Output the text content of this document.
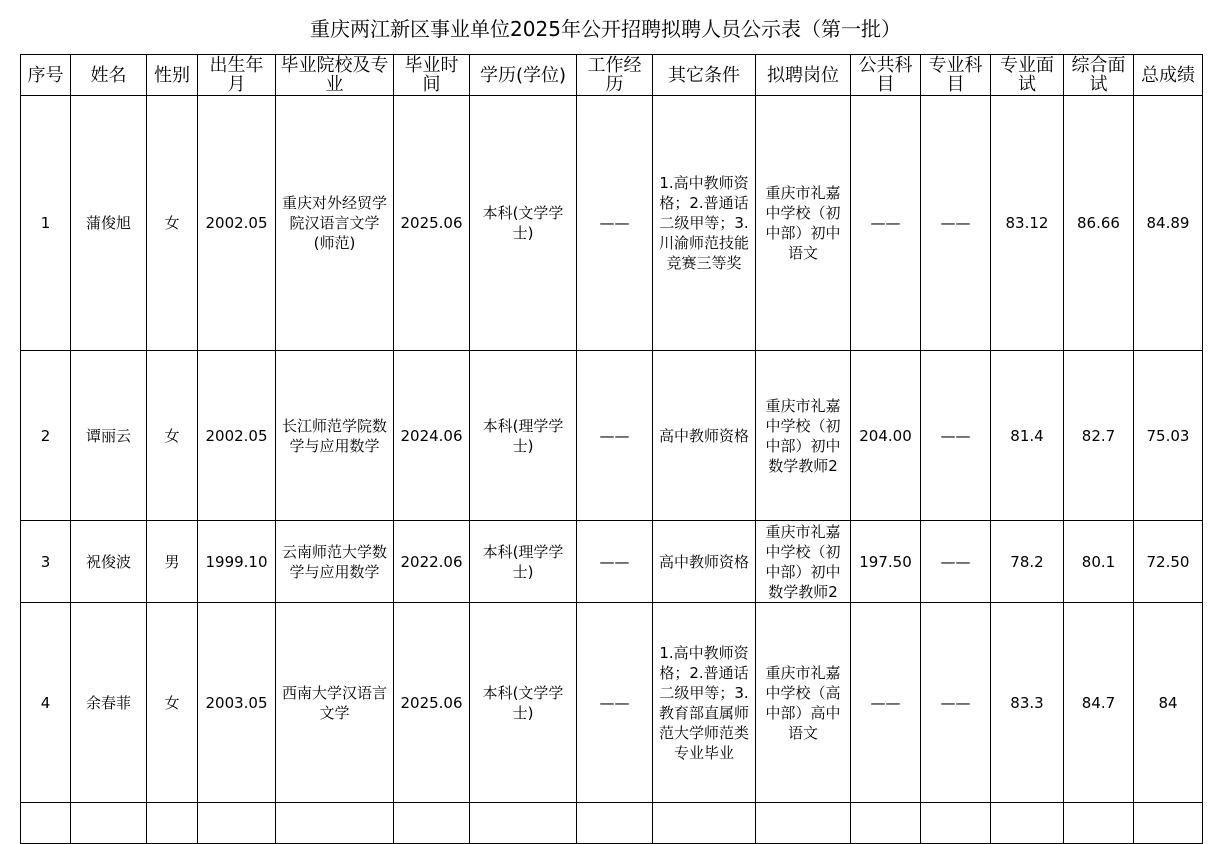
重庆两江新区事业单位2025年公开招聘拟聘人员公示表（第一批）
序号	姓名	性别	出生年月	毕业院校及专业	毕业时间	学历(学位)	工作经历	其它条件	拟聘岗位	公共科目	专业科目	专业面试	综合面试	总成绩
1	蒲俊旭	女	2002.05	重庆对外经贸学院汉语言文学(师范)	2025.06	本科(文学学士)	——	1.高中教师资格；2.普通话二级甲等；3.川渝师范技能竞赛三等奖	重庆市礼嘉中学校（初中部）初中语文	——	——	83.12	86.66	84.89
2	谭丽云	女	2002.05	长江师范学院数学与应用数学	2024.06	本科(理学学士)	——	高中教师资格	重庆市礼嘉中学校（初中部）初中数学教师2	204.00	——	81.4	82.7	75.03
3	祝俊波	男	1999.10	云南师范大学数学与应用数学	2022.06	本科(理学学士)	——	高中教师资格	重庆市礼嘉中学校（初中部）初中数学教师2	197.50	——	78.2	80.1	72.50
4	余春菲	女	2003.05	西南大学汉语言文学	2025.06	本科(文学学士)	——	1.高中教师资格；2.普通话二级甲等；3.教育部直属师范大学师范类专业毕业	重庆市礼嘉中学校（高中部）高中语文	——	——	83.3	84.7	84
